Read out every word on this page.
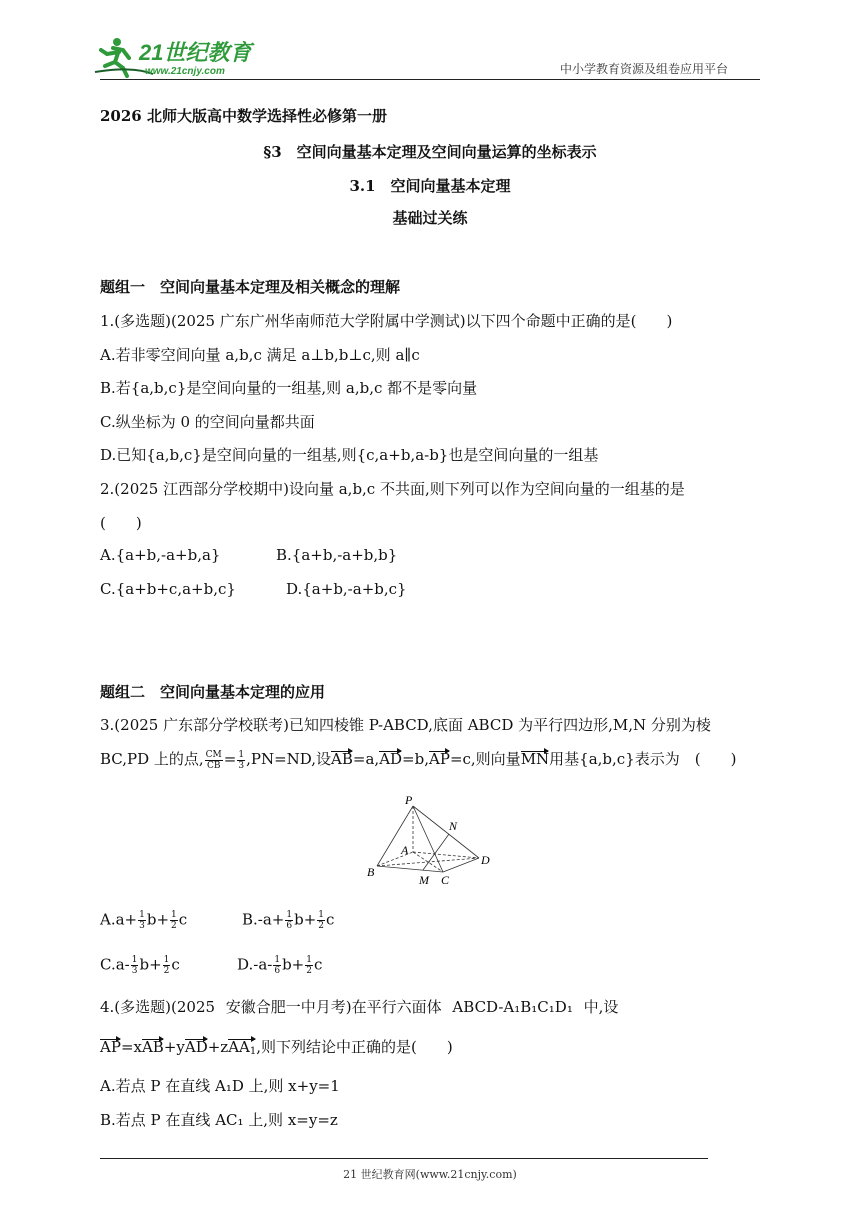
21世纪教育
www.21cnjy.com	中小学教育资源及组卷应用平台
2026 北师大版高中数学选择性必修第一册
§3　空间向量基本定理及空间向量运算的坐标表示
3.1　空间向量基本定理
基础过关练
题组一　空间向量基本定理及相关概念的理解
1.(多选题)(2025 广东广州华南师范大学附属中学测试)以下四个命题中正确的是(　　)
A.若非零空间向量 a,b,c 满足 a⊥b,b⊥c,则 a∥c
B.若{a,b,c}是空间向量的一组基,则 a,b,c 都不是零向量
C.纵坐标为 0 的空间向量都共面
D.已知{a,b,c}是空间向量的一组基,则{c,a+b,a-b}也是空间向量的一组基
2.(2025 江西部分学校期中)设向量 a,b,c 不共面,则下列可以作为空间向量的一组基的是
(　　)
A.{a+b,-a+b,a}	B.{a+b,-a+b,b}
C.{a+b+c,a+b,c}	D.{a+b,-a+b,c}
题组二　空间向量基本定理的应用
3.(2025 广东部分学校联考)已知四棱锥 P-ABCD,底面 ABCD 为平行四边形,M,N 分别为棱
BC,PD 上的点, $\frac{CM}{CB} = \frac{1}{3} ,PN=ND$,设AB=a,AD=b,AP=c,则向量MN用基{a,b,c}表示为　(　　)
P
N
A
D
B
M C
$A.a+ \frac{1}{3} b+ \frac{1}{2}$ c	$B.-a+ \frac{1}{6} b+ \frac{1}{2}$ c
$C.a- \frac{1}{3} b+ \frac{1}{2}$ c	$D.-a- \frac{1}{6} b+ \frac{1}{2}$ c
4.(多选题)(2025 安徽合肥一中月考)在平行六面体 ABCD-A₁B₁C₁D₁ 中,设
AP=xAB+yAD+zAA$_1$,则下列结论中正确的是(　　)
A.若点 P 在直线 A₁D 上,则 x+y=1
B.若点 P 在直线 AC₁ 上,则 x=y=z
21 世纪教育网(www.21cnjy.com)
